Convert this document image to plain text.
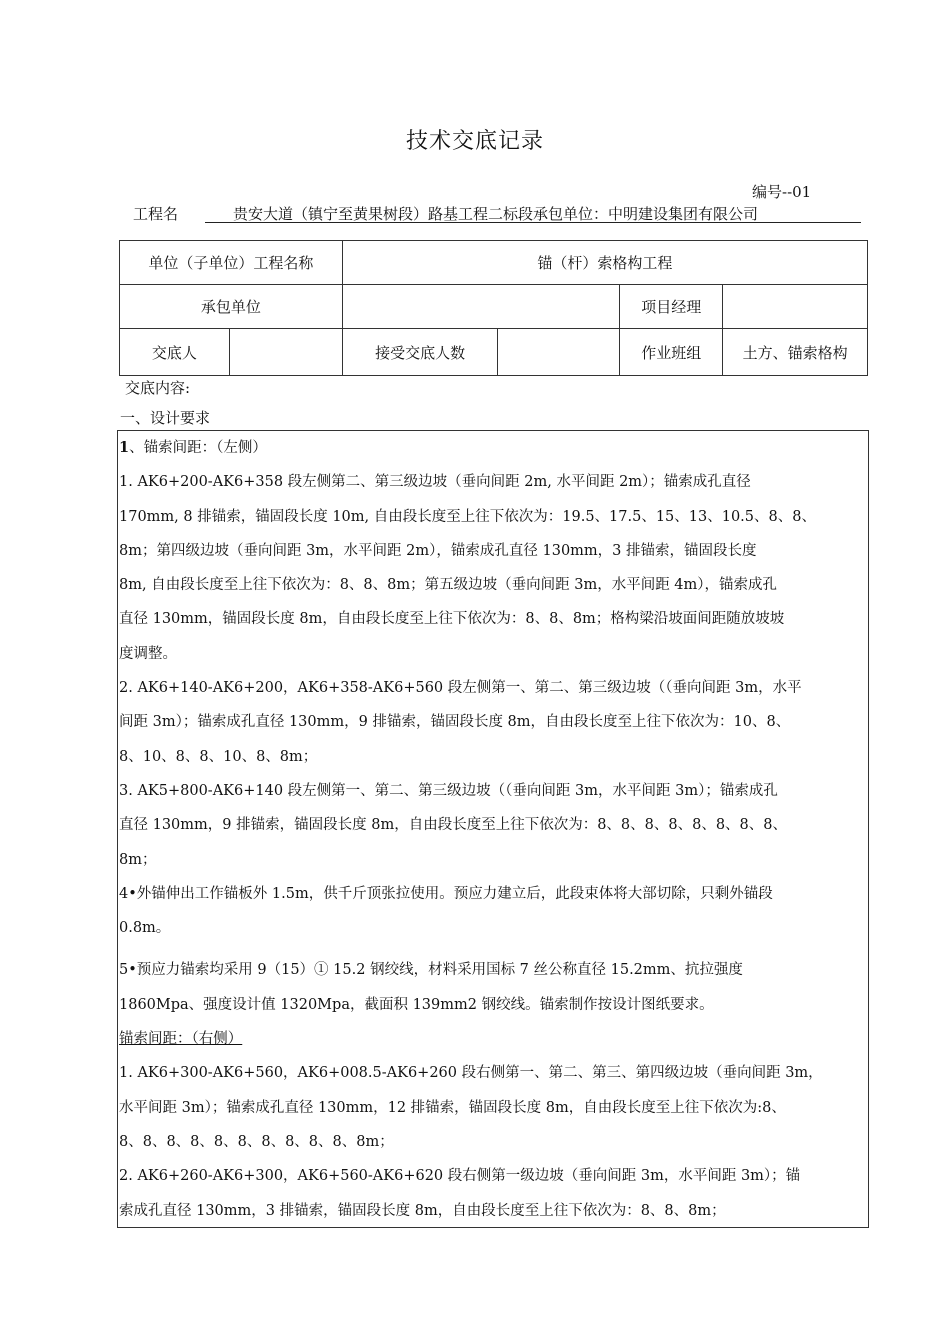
技术交底记录
编号--01
工程名	贵安大道（镇宁至黄果树段）路基工程二标段承包单位：中明建设集团有限公司
单位（子单位）工程名称		锚（杆）索格构工程			
承包单位				项目经理	
交底人		接受交底人数		作业班组	土方、锚索格构
交底内容:
一、设计要求

1、锚索间距：（左侧）

1. AK6+200-AK6+358 段左侧第二、第三级边坡（垂向间距 2m, 水平间距 2m）；锚索成孔直径
170mm, 8 排锚索，锚固段长度 10m, 自由段长度至上往下依次为：19.5、17.5、15、13、10.5、8、8、
8m；第四级边坡（垂向间距 3m，水平间距 2m），锚索成孔直径 130mm，3 排锚索，锚固段长度
8m, 自由段长度至上往下依次为：8、8、8m；第五级边坡（垂向间距 3m，水平间距 4m），锚索成孔
直径 130mm，锚固段长度 8m，自由段长度至上往下依次为：8、8、8m；格构梁沿坡面间距随放坡坡
度调整。

2. AK6+140-AK6+200，AK6+358-AK6+560 段左侧第一、第二、第三级边坡（（垂向间距 3m，水平
间距 3m）；锚索成孔直径 130mm，9 排锚索，锚固段长度 8m，自由段长度至上往下依次为：10、8、
8、10、8、8、10、8、8m；

3. AK5+800-AK6+140 段左侧第一、第二、第三级边坡（（垂向间距 3m，水平间距 3m）；锚索成孔
直径 130mm，9 排锚索，锚固段长度 8m，自由段长度至上往下依次为：8、8、8、8、8、8、8、8、
8m；

4•外锚伸出工作锚板外 1.5m，供千斤顶张拉使用。预应力建立后，此段束体将大部切除，只剩外锚段
0.8m。

5•预应力锚索均采用 9（15）① 15.2 钢绞线，材料采用国标 7 丝公称直径 15.2mm、抗拉强度
1860Mpa、强度设计值 1320Mpa，截面积 139mm2 钢绞线。锚索制作按设计图纸要求。

锚索间距：（右侧）

1. AK6+300-AK6+560，AK6+008.5-AK6+260 段右侧第一、第二、第三、第四级边坡（垂向间距 3m，
水平间距 3m）；锚索成孔直径 130mm，12 排锚索，锚固段长度 8m，自由段长度至上往下依次为:8、
8、8、8、8、8、8、8、8、8、8、8m；

2. AK6+260-AK6+300，AK6+560-AK6+620 段右侧第一级边坡（垂向间距 3m，水平间距 3m）；锚
索成孔直径 130mm，3 排锚索，锚固段长度 8m，自由段长度至上往下依次为：8、8、8m；
